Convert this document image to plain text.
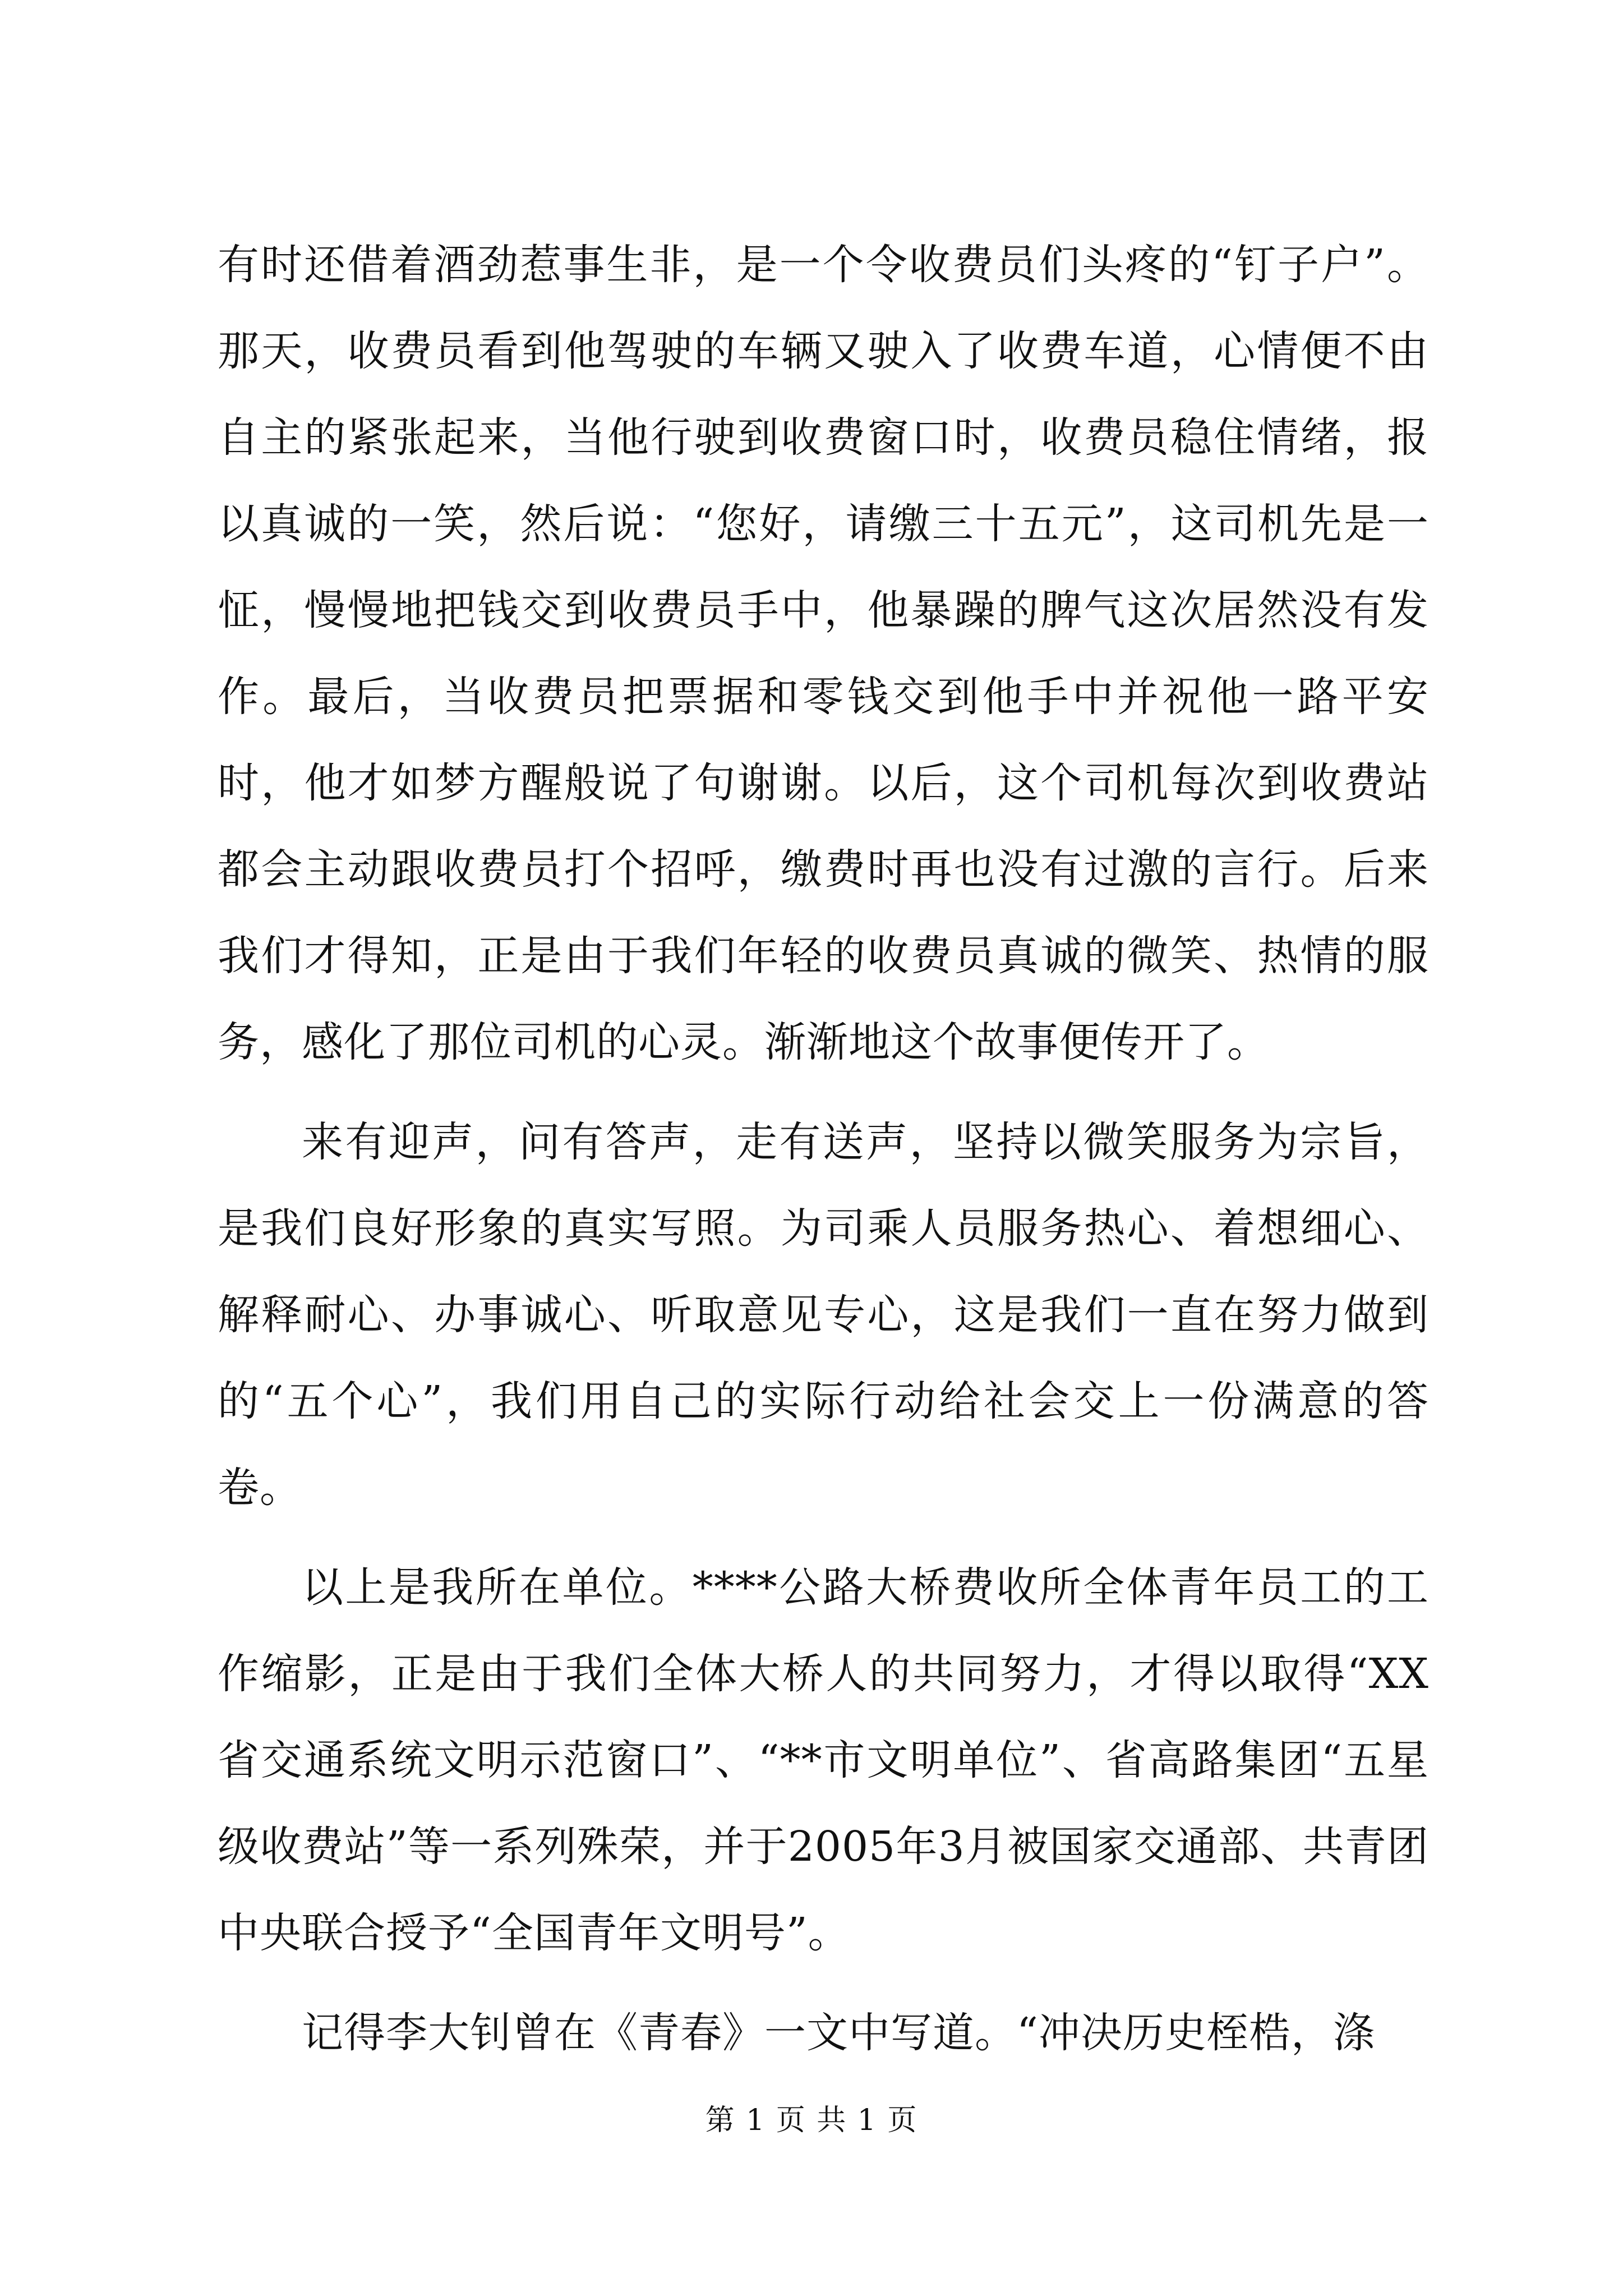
有时还借着酒劲惹事生非，是一个令收费员们头疼的“钉子户”。那天，收费员看到他驾驶的车辆又驶入了收费车道，心情便不由自主的紧张起来，当他行驶到收费窗口时，收费员稳住情绪，报以真诚的一笑，然后说：“您好，请缴三十五元”，这司机先是一怔，慢慢地把钱交到收费员手中，他暴躁的脾气这次居然没有发作。最后，当收费员把票据和零钱交到他手中并祝他一路平安时，他才如梦方醒般说了句谢谢。以后，这个司机每次到收费站都会主动跟收费员打个招呼，缴费时再也没有过激的言行。后来我们才得知，正是由于我们年轻的收费员真诚的微笑、热情的服务，感化了那位司机的心灵。渐渐地这个故事便传开了。

来有迎声，问有答声，走有送声，坚持以微笑服务为宗旨，是我们良好形象的真实写照。为司乘人员服务热心、着想细心、解释耐心、办事诚心、听取意见专心，这是我们一直在努力做到的“五个心”，我们用自己的实际行动给社会交上一份满意的答卷。

以上是我所在单位。****公路大桥费收所全体青年员工的工作缩影，正是由于我们全体大桥人的共同努力，才得以取得“XX省交通系统文明示范窗口”、“**市文明单位”、省高路集团“五星级收费站”等一系列殊荣，并于2005年3月被国家交通部、共青团中央联合授予“全国青年文明号”。

记得李大钊曾在《青春》一文中写道。“冲决历史桎梏，涤

第 1 页 共 1 页
